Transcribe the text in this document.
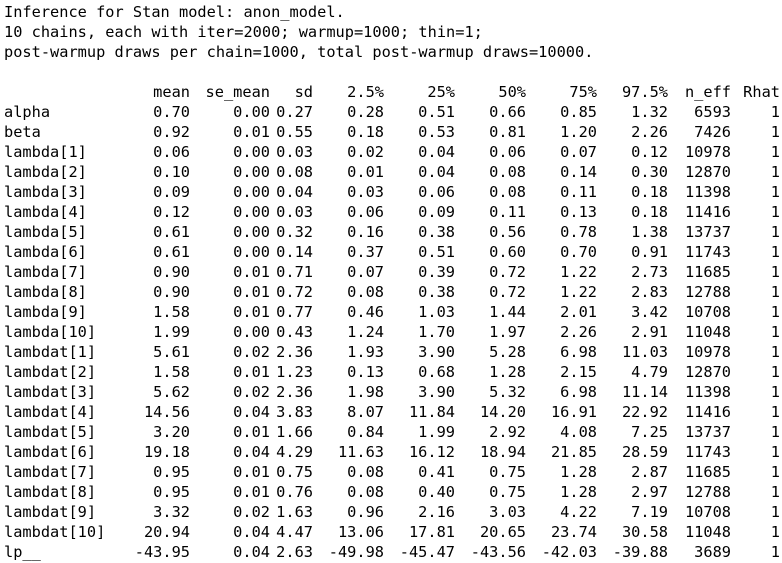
Inference for Stan model: anon_model.
10 chains, each with iter=2000; warmup=1000; thin=1;
post-warmup draws per chain=1000, total post-warmup draws=10000.
	mean	se_mean	sd	2.5%	25%	50%	75%	97.5%	n_eff	Rhat
alpha	0.70	0.00	0.27	0.28	0.51	0.66	0.85	1.32	6593	1
beta	0.92	0.01	0.55	0.18	0.53	0.81	1.20	2.26	7426	1
lambda[1]	0.06	0.00	0.03	0.02	0.04	0.06	0.07	0.12	10978	1
lambda[2]	0.10	0.00	0.08	0.01	0.04	0.08	0.14	0.30	12870	1
lambda[3]	0.09	0.00	0.04	0.03	0.06	0.08	0.11	0.18	11398	1
lambda[4]	0.12	0.00	0.03	0.06	0.09	0.11	0.13	0.18	11416	1
lambda[5]	0.61	0.00	0.32	0.16	0.38	0.56	0.78	1.38	13737	1
lambda[6]	0.61	0.00	0.14	0.37	0.51	0.60	0.70	0.91	11743	1
lambda[7]	0.90	0.01	0.71	0.07	0.39	0.72	1.22	2.73	11685	1
lambda[8]	0.90	0.01	0.72	0.08	0.38	0.72	1.22	2.83	12788	1
lambda[9]	1.58	0.01	0.77	0.46	1.03	1.44	2.01	3.42	10708	1
lambda[10]	1.99	0.00	0.43	1.24	1.70	1.97	2.26	2.91	11048	1
lambdat[1]	5.61	0.02	2.36	1.93	3.90	5.28	6.98	11.03	10978	1
lambdat[2]	1.58	0.01	1.23	0.13	0.68	1.28	2.15	4.79	12870	1
lambdat[3]	5.62	0.02	2.36	1.98	3.90	5.32	6.98	11.14	11398	1
lambdat[4]	14.56	0.04	3.83	8.07	11.84	14.20	16.91	22.92	11416	1
lambdat[5]	3.20	0.01	1.66	0.84	1.99	2.92	4.08	7.25	13737	1
lambdat[6]	19.18	0.04	4.29	11.63	16.12	18.94	21.85	28.59	11743	1
lambdat[7]	0.95	0.01	0.75	0.08	0.41	0.75	1.28	2.87	11685	1
lambdat[8]	0.95	0.01	0.76	0.08	0.40	0.75	1.28	2.97	12788	1
lambdat[9]	3.32	0.02	1.63	0.96	2.16	3.03	4.22	7.19	10708	1
lambdat[10]	20.94	0.04	4.47	13.06	17.81	20.65	23.74	30.58	11048	1
lp__	-43.95	0.04	2.63	-49.98	-45.47	-43.56	-42.03	-39.88	3689	1
